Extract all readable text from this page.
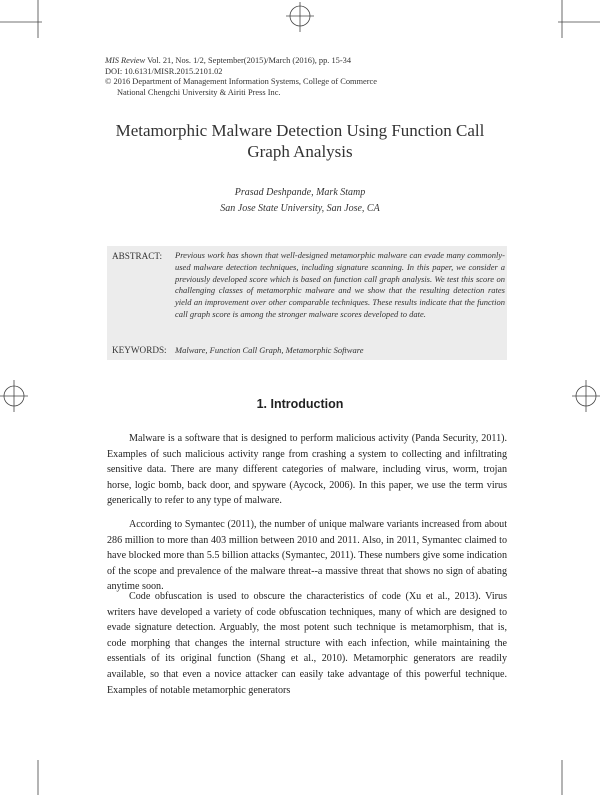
MIS Review Vol. 21, Nos. 1/2, September(2015)/March (2016), pp. 15-34
DOI: 10.6131/MISR.2015.2101.02
© 2016 Department of Management Information Systems, College of Commerce
National Chengchi University & Airiti Press Inc.
Metamorphic Malware Detection Using Function Call Graph Analysis
Prasad Deshpande, Mark Stamp
San Jose State University, San Jose, CA
ABSTRACT: Previous work has shown that well-designed metamorphic malware can evade many commonly-used malware detection techniques, including signature scanning. In this paper, we consider a previously developed score which is based on function call graph analysis. We test this score on challenging classes of metamorphic malware and we show that the resulting detection rates yield an improvement over other comparable techniques. These results indicate that the function call graph score is among the stronger malware scores developed to date.
KEYWORDS: Malware, Function Call Graph, Metamorphic Software
1. Introduction
Malware is a software that is designed to perform malicious activity (Panda Security, 2011). Examples of such malicious activity range from crashing a system to collecting and infiltrating sensitive data. There are many different categories of malware, including virus, worm, trojan horse, logic bomb, back door, and spyware (Aycock, 2006). In this paper, we use the term virus generically to refer to any type of malware.
According to Symantec (2011), the number of unique malware variants increased from about 286 million to more than 403 million between 2010 and 2011. Also, in 2011, Symantec claimed to have blocked more than 5.5 billion attacks (Symantec, 2011). These numbers give some indication of the scope and prevalence of the malware threat--a massive threat that shows no sign of abating anytime soon.
Code obfuscation is used to obscure the characteristics of code (Xu et al., 2013). Virus writers have developed a variety of code obfuscation techniques, many of which are designed to evade signature detection. Arguably, the most potent such technique is metamorphism, that is, code morphing that changes the internal structure with each infection, while maintaining the essentials of its original function (Shang et al., 2010). Metamorphic generators are readily available, so that even a novice attacker can easily take advantage of this powerful technique. Examples of notable metamorphic generators
